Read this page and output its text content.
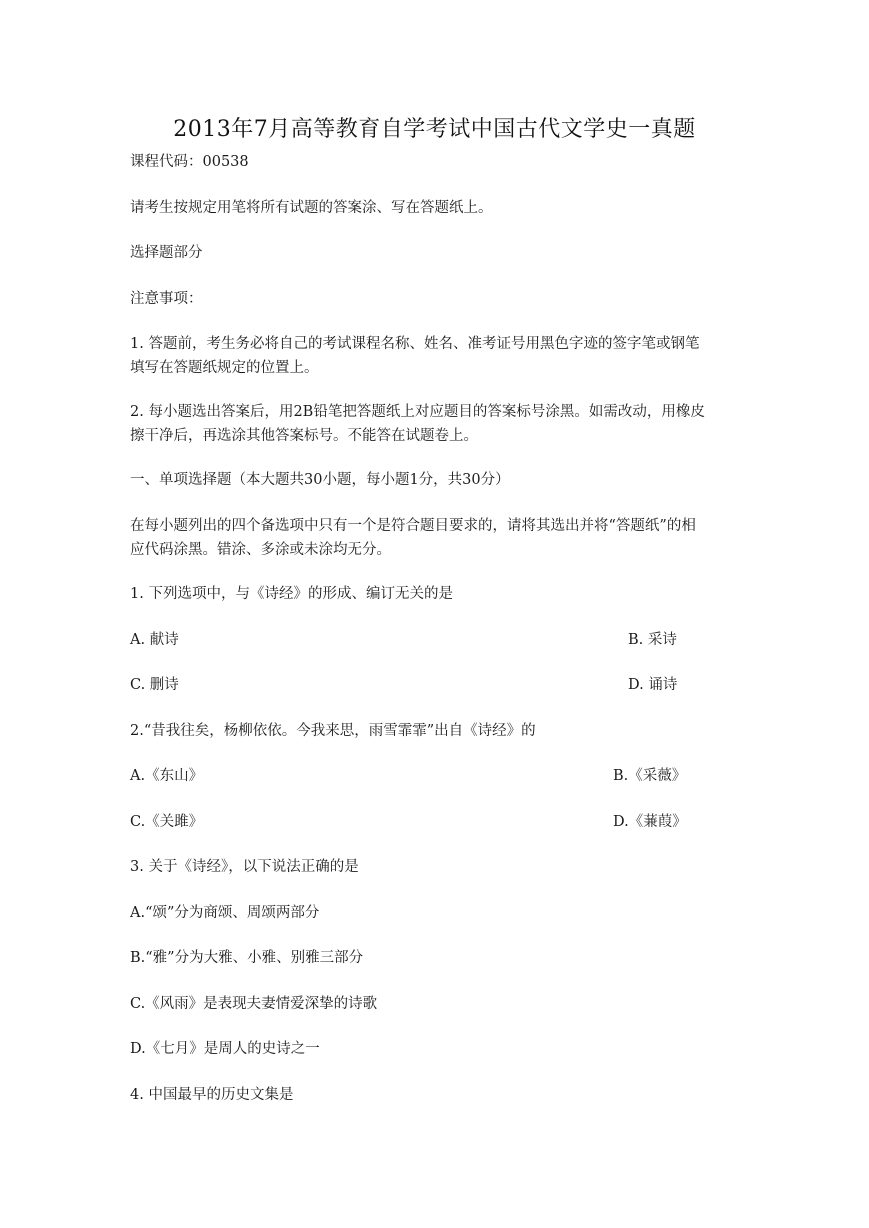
2013年7月高等教育自学考试中国古代文学史一真题
课程代码：00538
请考生按规定用笔将所有试题的答案涂、写在答题纸上。
选择题部分
注意事项：
1. 答题前，考生务必将自己的考试课程名称、姓名、准考证号用黑色字迹的签字笔或钢笔
填写在答题纸规定的位置上。
2. 每小题选出答案后，用2B铅笔把答题纸上对应题目的答案标号涂黑。如需改动，用橡皮
擦干净后，再选涂其他答案标号。不能答在试题卷上。
一、单项选择题（本大题共30小题，每小题1分，共30分）
在每小题列出的四个备选项中只有一个是符合题目要求的，请将其选出并将“答题纸”的相
应代码涂黑。错涂、多涂或未涂均无分。
1. 下列选项中，与《诗经》的形成、编订无关的是
A. 献诗	B. 采诗
C. 删诗	D. 诵诗
2.“昔我往矣，杨柳依依。今我来思，雨雪霏霏”出自《诗经》的
A.《东山》	B.《采薇》
C.《关雎》	D.《蒹葭》
3. 关于《诗经》，以下说法正确的是
A.“颂”分为商颂、周颂两部分
B.“雅”分为大雅、小雅、别雅三部分
C.《风雨》是表现夫妻情爱深挚的诗歌
D.《七月》是周人的史诗之一
4. 中国最早的历史文集是
